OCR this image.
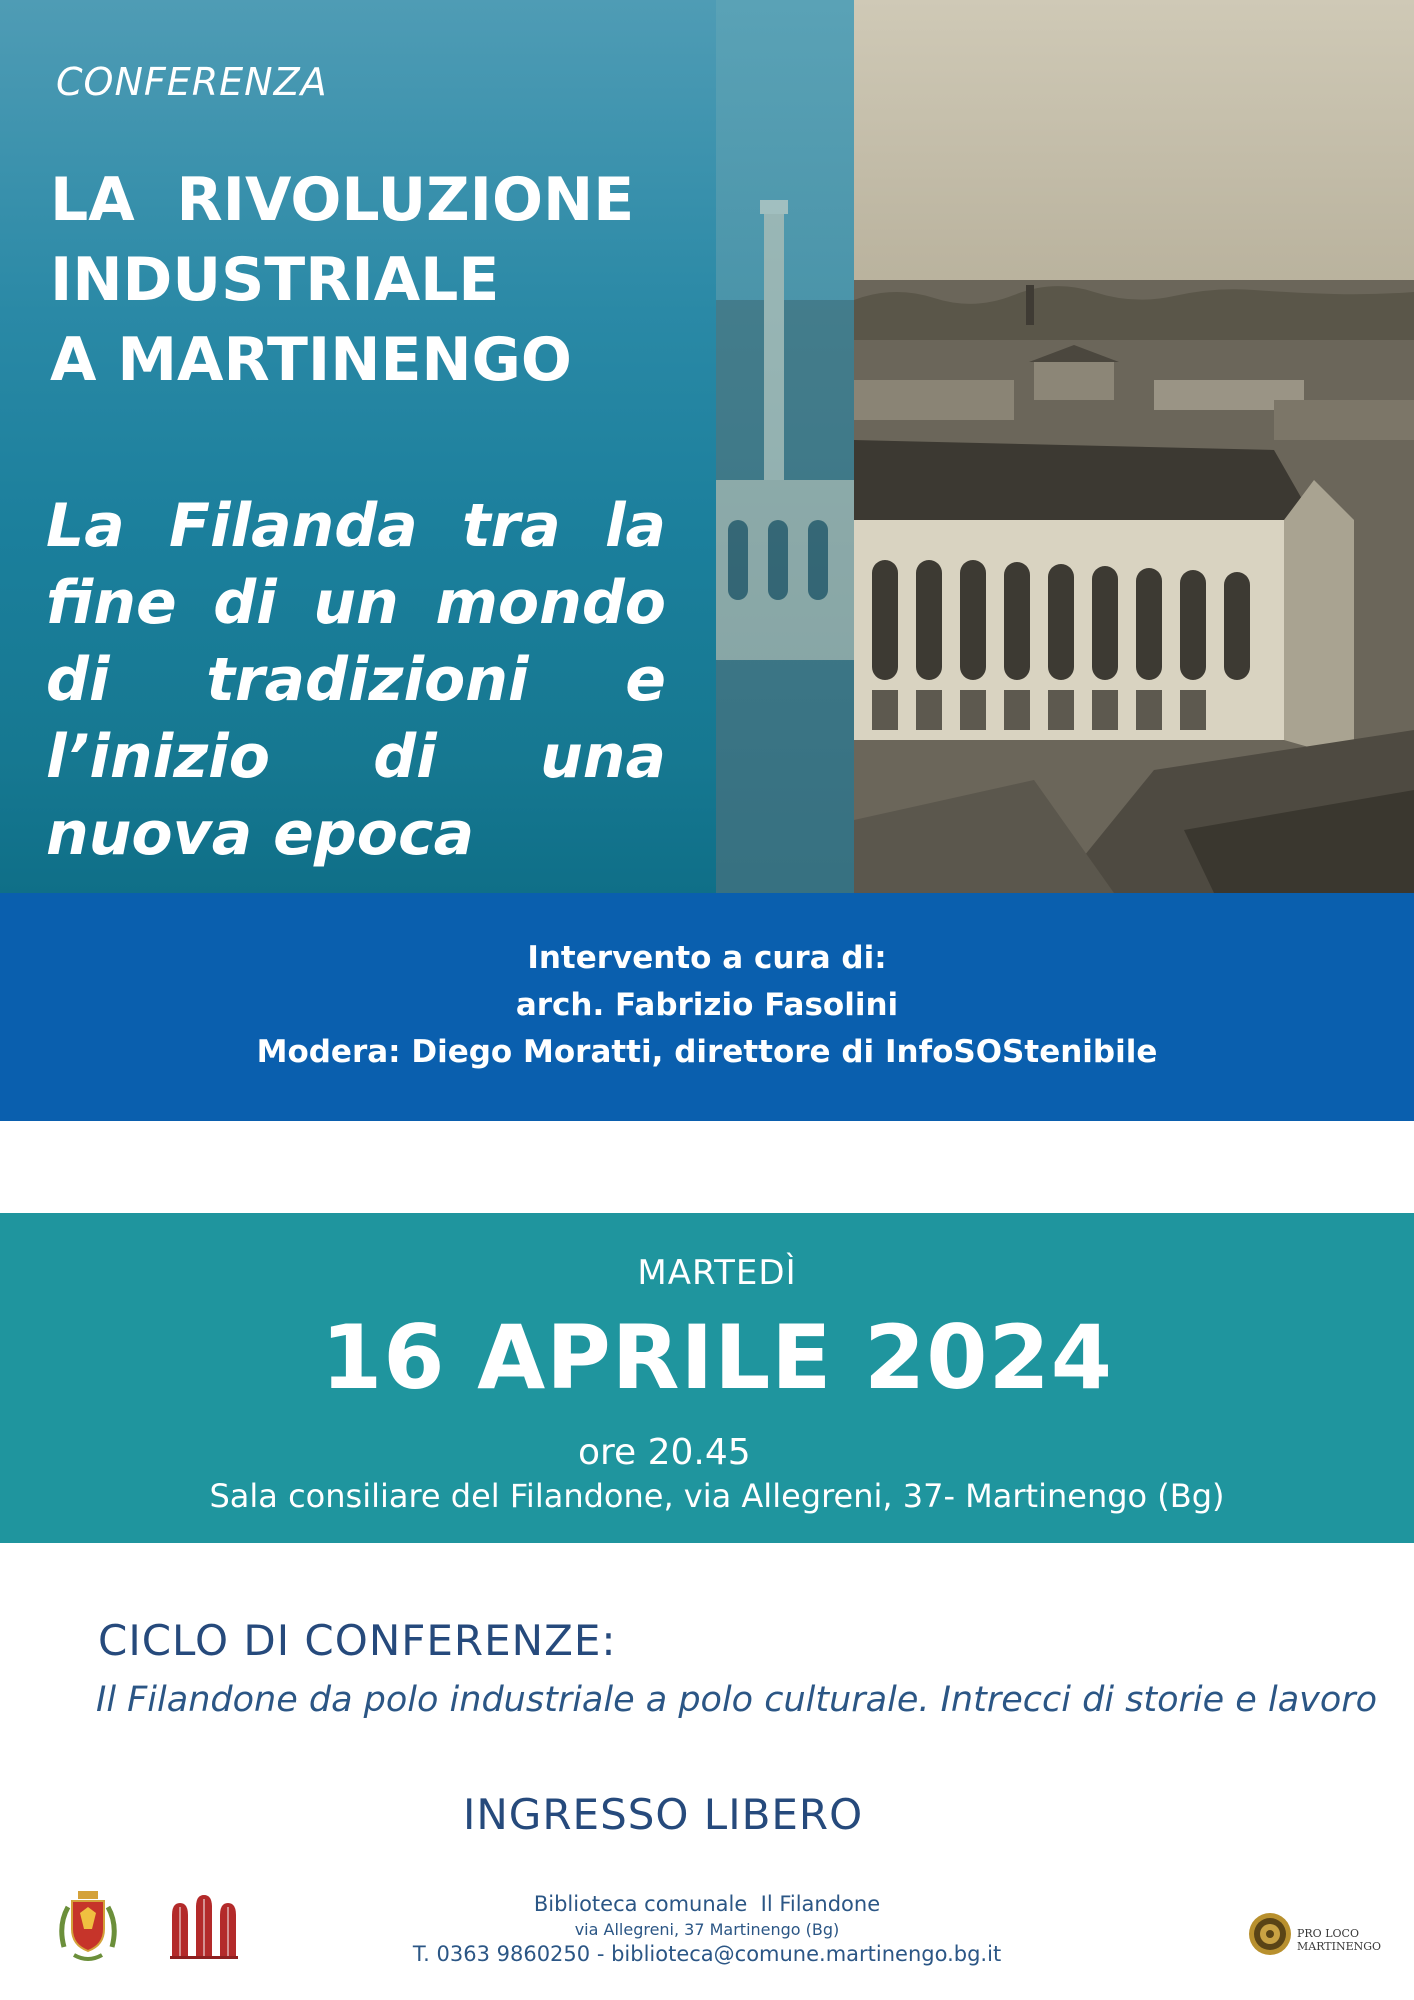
CONFERENZA
LA  RIVOLUZIONE
INDUSTRIALE
A MARTINENGO
La Filanda tra la fine di un mondo di tradizioni e l’inizio di una nuova epoca
Intervento a cura di:
arch. Fabrizio Fasolini
Modera: Diego Moratti, direttore di InfoSOStenibile
MARTEDÌ
16 APRILE 2024
ore 20.45
Sala consiliare del Filandone, via Allegreni, 37- Martinengo (Bg)
CICLO DI CONFERENZE:
Il Filandone da polo industriale a polo culturale. Intrecci di storie e lavoro
INGRESSO LIBERO
Biblioteca comunale  Il Filandone
via Allegreni, 37 Martinengo (Bg)
T. 0363 9860250 - biblioteca@comune.martinengo.bg.it
PRO LOCO
MARTINENGO
